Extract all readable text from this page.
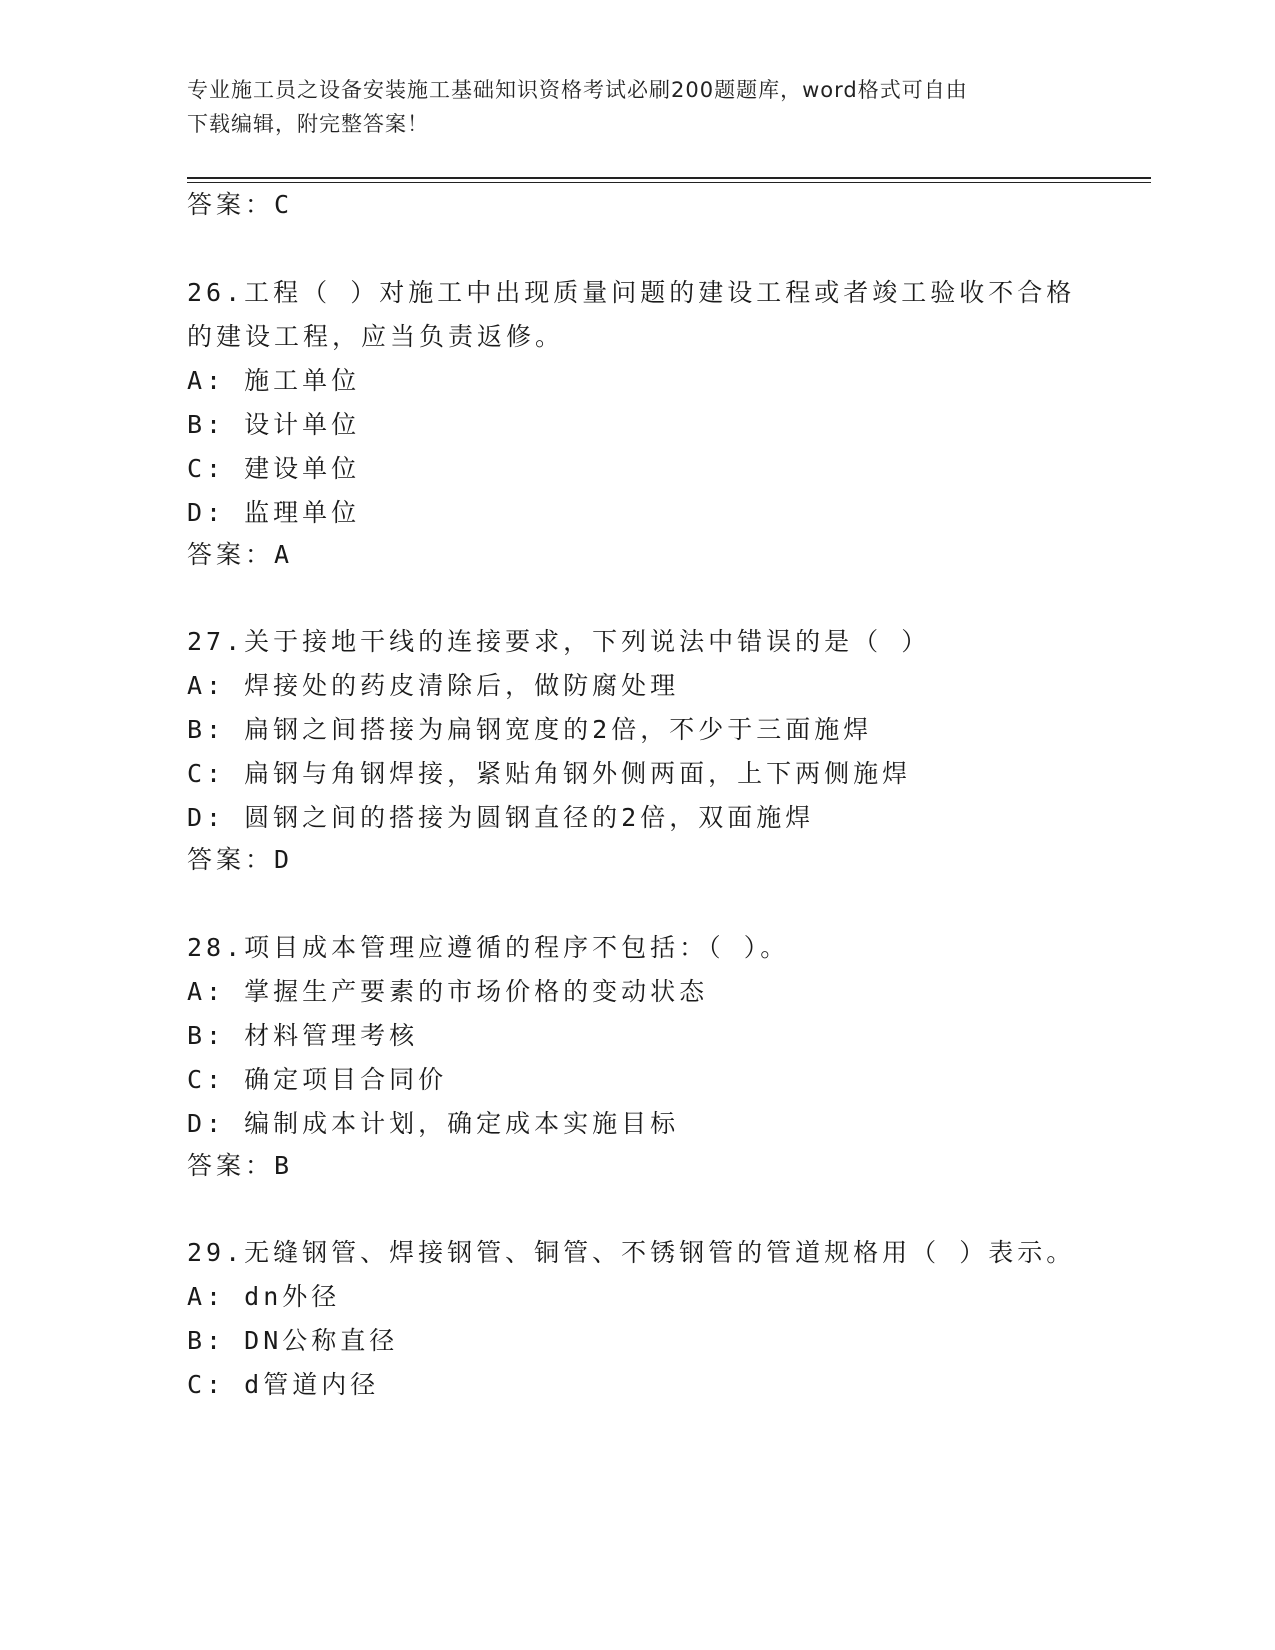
专业施工员之设备安装施工基础知识资格考试必刷200题题库，word格式可自由
下载编辑，附完整答案！
答案：C
26.工程（ ）对施工中出现质量问题的建设工程或者竣工验收不合格
的建设工程，应当负责返修。
A: 施工单位
B: 设计单位
C: 建设单位
D: 监理单位
答案：A
27.关于接地干线的连接要求，下列说法中错误的是（ ）
A: 焊接处的药皮清除后，做防腐处理
B: 扁钢之间搭接为扁钢宽度的2倍，不少于三面施焊
C: 扁钢与角钢焊接，紧贴角钢外侧两面，上下两侧施焊
D: 圆钢之间的搭接为圆钢直径的2倍，双面施焊
答案：D
28.项目成本管理应遵循的程序不包括：（ ）。
A: 掌握生产要素的市场价格的变动状态
B: 材料管理考核
C: 确定项目合同价
D: 编制成本计划，确定成本实施目标
答案：B
29.无缝钢管、焊接钢管、铜管、不锈钢管的管道规格用（ ）表示。
A: dn外径
B: DN公称直径
C: d管道内径
